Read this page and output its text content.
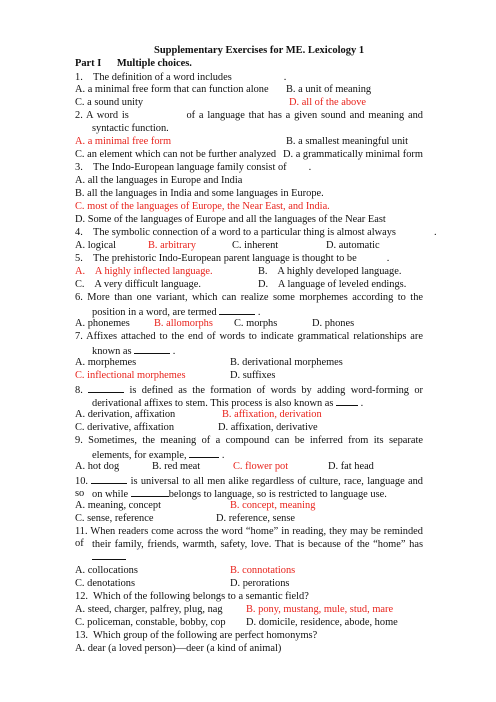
Supplementary Exercises for ME. Lexicology 1
Part I      Multiple choices.
1.    The definition of a word includes	.
A. a minimal free form that can function alone B. a unit of meaning
C. a sound unity	D. all of the above
2. A word is	of a language that has a given sound and meaning and
syntactic function.
A. a minimal free form	B. a smallest meaningful unit
C. an element which can not be further analyzed D. a grammatically minimal form
3.    The Indo-European language family consist of .
A. all the languages in Europe and India
B. all the languages in India and some languages in Europe.
C. most of the languages of Europe, the Near East, and India.
D. Some of the languages of Europe and all the languages of the Near East
4.    The symbolic connection of a word to a particular thing is almost always	.
A. logical	B. arbitrary	C. inherent	D. automatic
5.    The prehistoric Indo-European parent language is thought to be	.
A.    A highly inflected language.	B.    A highly developed language.
C.    A very difficult language.	D.    A language of leveled endings.
6. More than one variant, which can realize some morphemes according to the
position in a word, are termed	.
A. phonemes B. allomorphs C. morphs	D. phones
7. Affixes attached to the end of words to indicate grammatical relationships are
known as	.
A. morphemes	B. derivational morphemes
C. inflectional morphemes	D. suffixes
8.	is defined as the formation of words by adding word-forming or
derivational affixes to stem. This process is also known as	.
A. derivation, affixation	B. affixation, derivation
C. derivative, affixation	D. affixation, derivative
9. Sometimes, the meaning of a compound can be inferred from its separate
elements, for example,	.
A. hot dog	B. red meat	C. flower pot	D. fat head
10.	is universal to all men alike regardless of culture, race, language and so on while	belongs to language, so is restricted to language use.
A. meaning, concept	B. concept, meaning
C. sense, reference	D. reference, sense
11. When readers come across the word “home” in reading, they may be reminded of their family, friends, warmth, safety, love. That is because of the “home” has
A. collocations	B. connotations
C. denotations	D. perorations
12.  Which of the following belongs to a semantic field?
A. steed, charger, palfrey, plug, nag B. pony, mustang, mule, stud, mare
C. policeman, constable, bobby, cop D. domicile, residence, abode, home
13.  Which group of the following are perfect homonyms?
A. dear (a loved person)—deer (a kind of animal)
